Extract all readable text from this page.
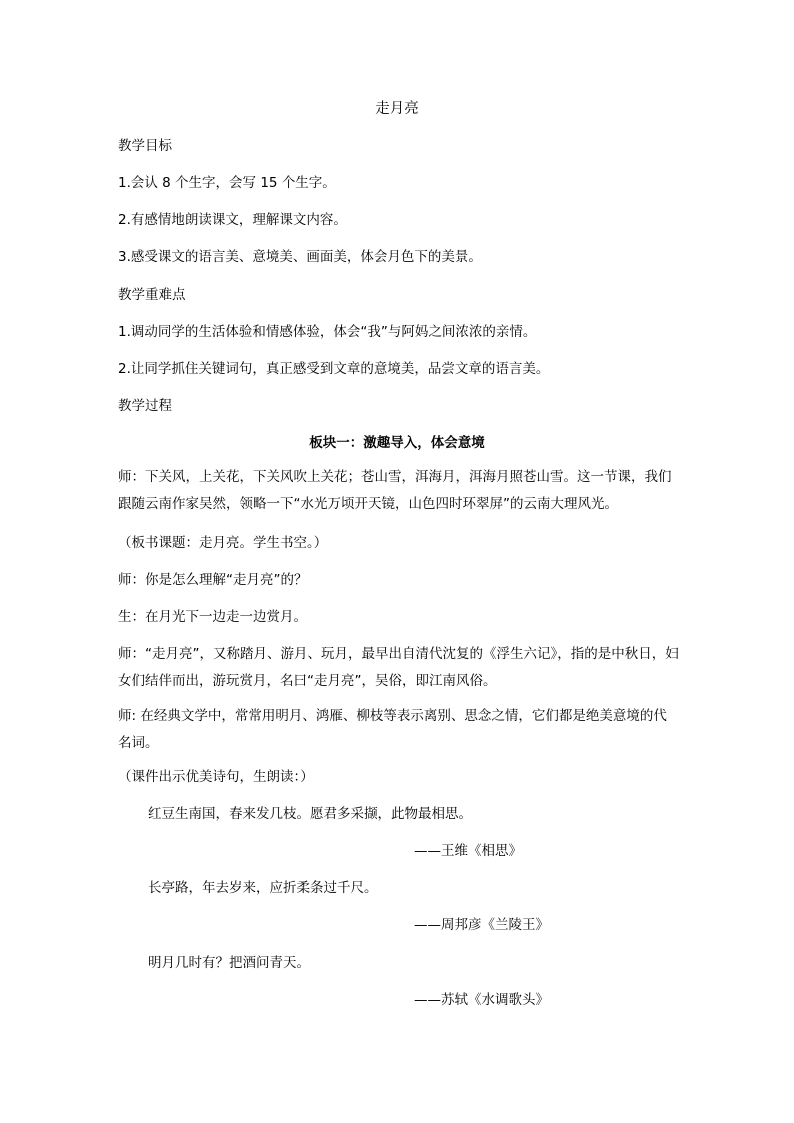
走月亮
教学目标
1.会认 8 个生字，会写 15 个生字。
2.有感情地朗读课文，理解课文内容。
3.感受课文的语言美、意境美、画面美，体会月色下的美景。
教学重难点
1.调动同学的生活体验和情感体验，体会“我”与阿妈之间浓浓的亲情。
2.让同学抓住关键词句，真正感受到文章的意境美，品尝文章的语言美。
教学过程
板块一：激趣导入，体会意境
师：下关风，上关花，下关风吹上关花；苍山雪，洱海月，洱海月照苍山雪。这一节课，我们跟随云南作家吴然，领略一下“水光万顷开天镜，山色四时环翠屏”的云南大理风光。
（板书课题：走月亮。学生书空。）
师：你是怎么理解“走月亮”的？
生：在月光下一边走一边赏月。
师：“走月亮”，又称踏月、游月、玩月，最早出自清代沈复的《浮生六记》，指的是中秋日，妇女们结伴而出，游玩赏月，名曰“走月亮”，吴俗，即江南风俗。
师: 在经典文学中，常常用明月、鸿雁、柳枝等表示离别、思念之情，它们都是绝美意境的代名词。
（课件出示优美诗句，生朗读：）
红豆生南国，春来发几枝。愿君多采撷，此物最相思。
——王维《相思》
长亭路，年去岁来，应折柔条过千尺。
——周邦彦《兰陵王》
明月几时有？把酒问青天。
——苏轼《水调歌头》
